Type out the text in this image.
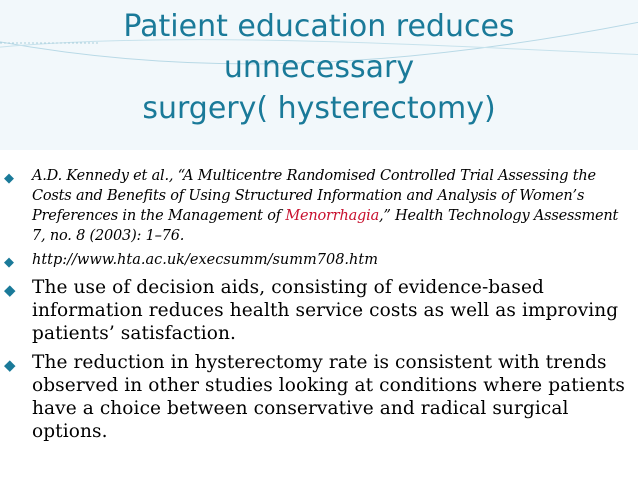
Patient education reduces
unnecessary
surgery( hysterectomy)
◆ A.D. Kennedy et al., “A Multicentre Randomised Controlled Trial Assessing the Costs and Benefits of Using Structured Information and Analysis of Women’s Preferences in the Management of Menorrhagia,” Health Technology Assessment 7, no. 8 (2003): 1–76.
◆ http://www.hta.ac.uk/execsumm/summ708.htm
◆ The use of decision aids, consisting of evidence-based information reduces health service costs as well as improving patients’ satisfaction.
◆ The reduction in hysterectomy rate is consistent with trends observed in other studies looking at conditions where patients have a choice between conservative and radical surgical options.
